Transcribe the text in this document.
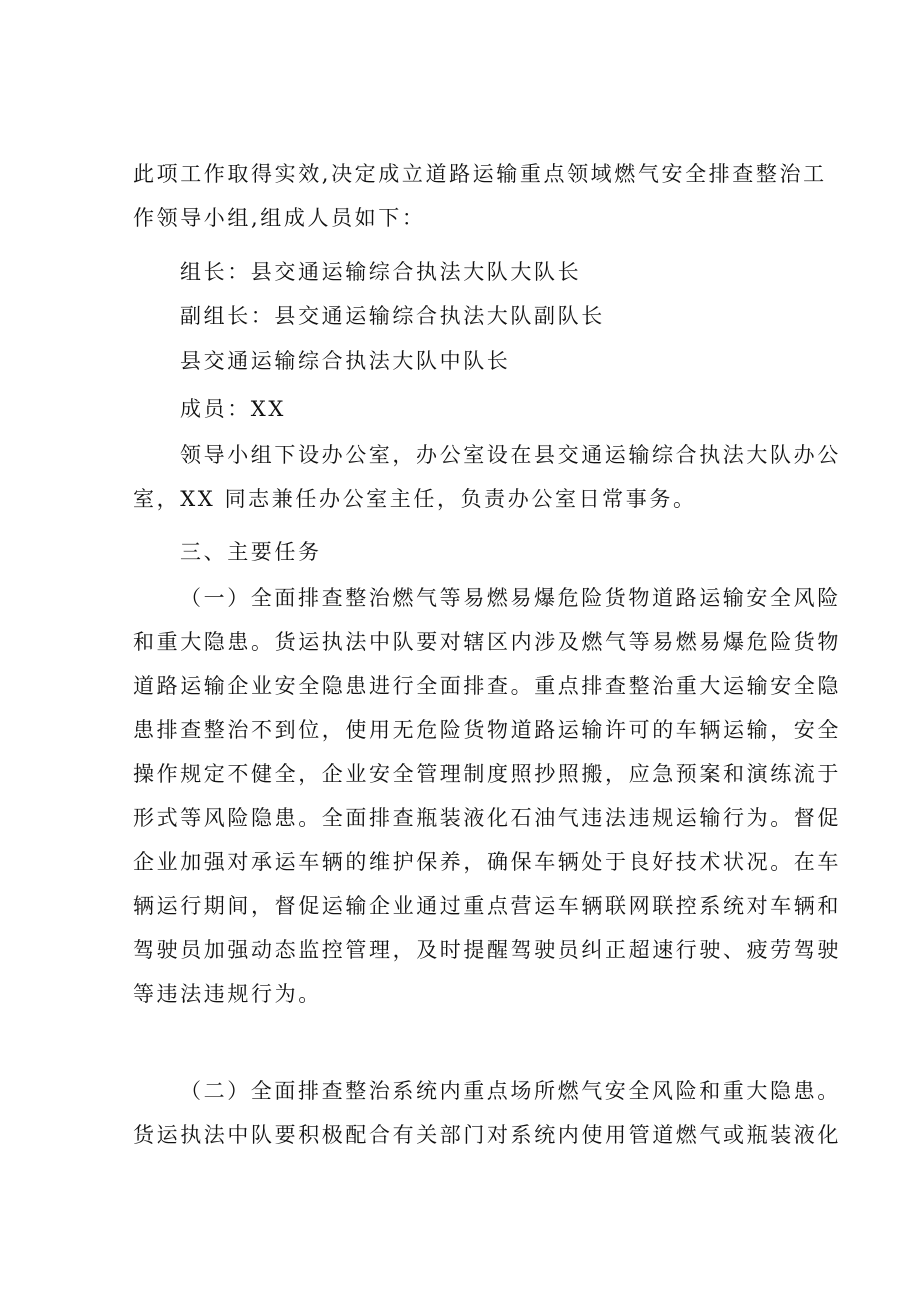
此项工作取得实效,决定成立道路运输重点领域燃气安全排查整治工
作领导小组,组成人员如下：
组长：县交通运输综合执法大队大队长
副组长：县交通运输综合执法大队副队长
县交通运输综合执法大队中队长
成员：XX
领导小组下设办公室，办公室设在县交通运输综合执法大队办公
室，XX 同志兼任办公室主任，负责办公室日常事务。
三、主要任务
（一）全面排查整治燃气等易燃易爆危险货物道路运输安全风险
和重大隐患。货运执法中队要对辖区内涉及燃气等易燃易爆危险货物
道路运输企业安全隐患进行全面排查。重点排查整治重大运输安全隐
患排查整治不到位，使用无危险货物道路运输许可的车辆运输，安全
操作规定不健全，企业安全管理制度照抄照搬，应急预案和演练流于
形式等风险隐患。全面排查瓶装液化石油气违法违规运输行为。督促
企业加强对承运车辆的维护保养，确保车辆处于良好技术状况。在车
辆运行期间，督促运输企业通过重点营运车辆联网联控系统对车辆和
驾驶员加强动态监控管理，及时提醒驾驶员纠正超速行驶、疲劳驾驶
等违法违规行为。
（二）全面排查整治系统内重点场所燃气安全风险和重大隐患。
货运执法中队要积极配合有关部门对系统内使用管道燃气或瓶装液化
